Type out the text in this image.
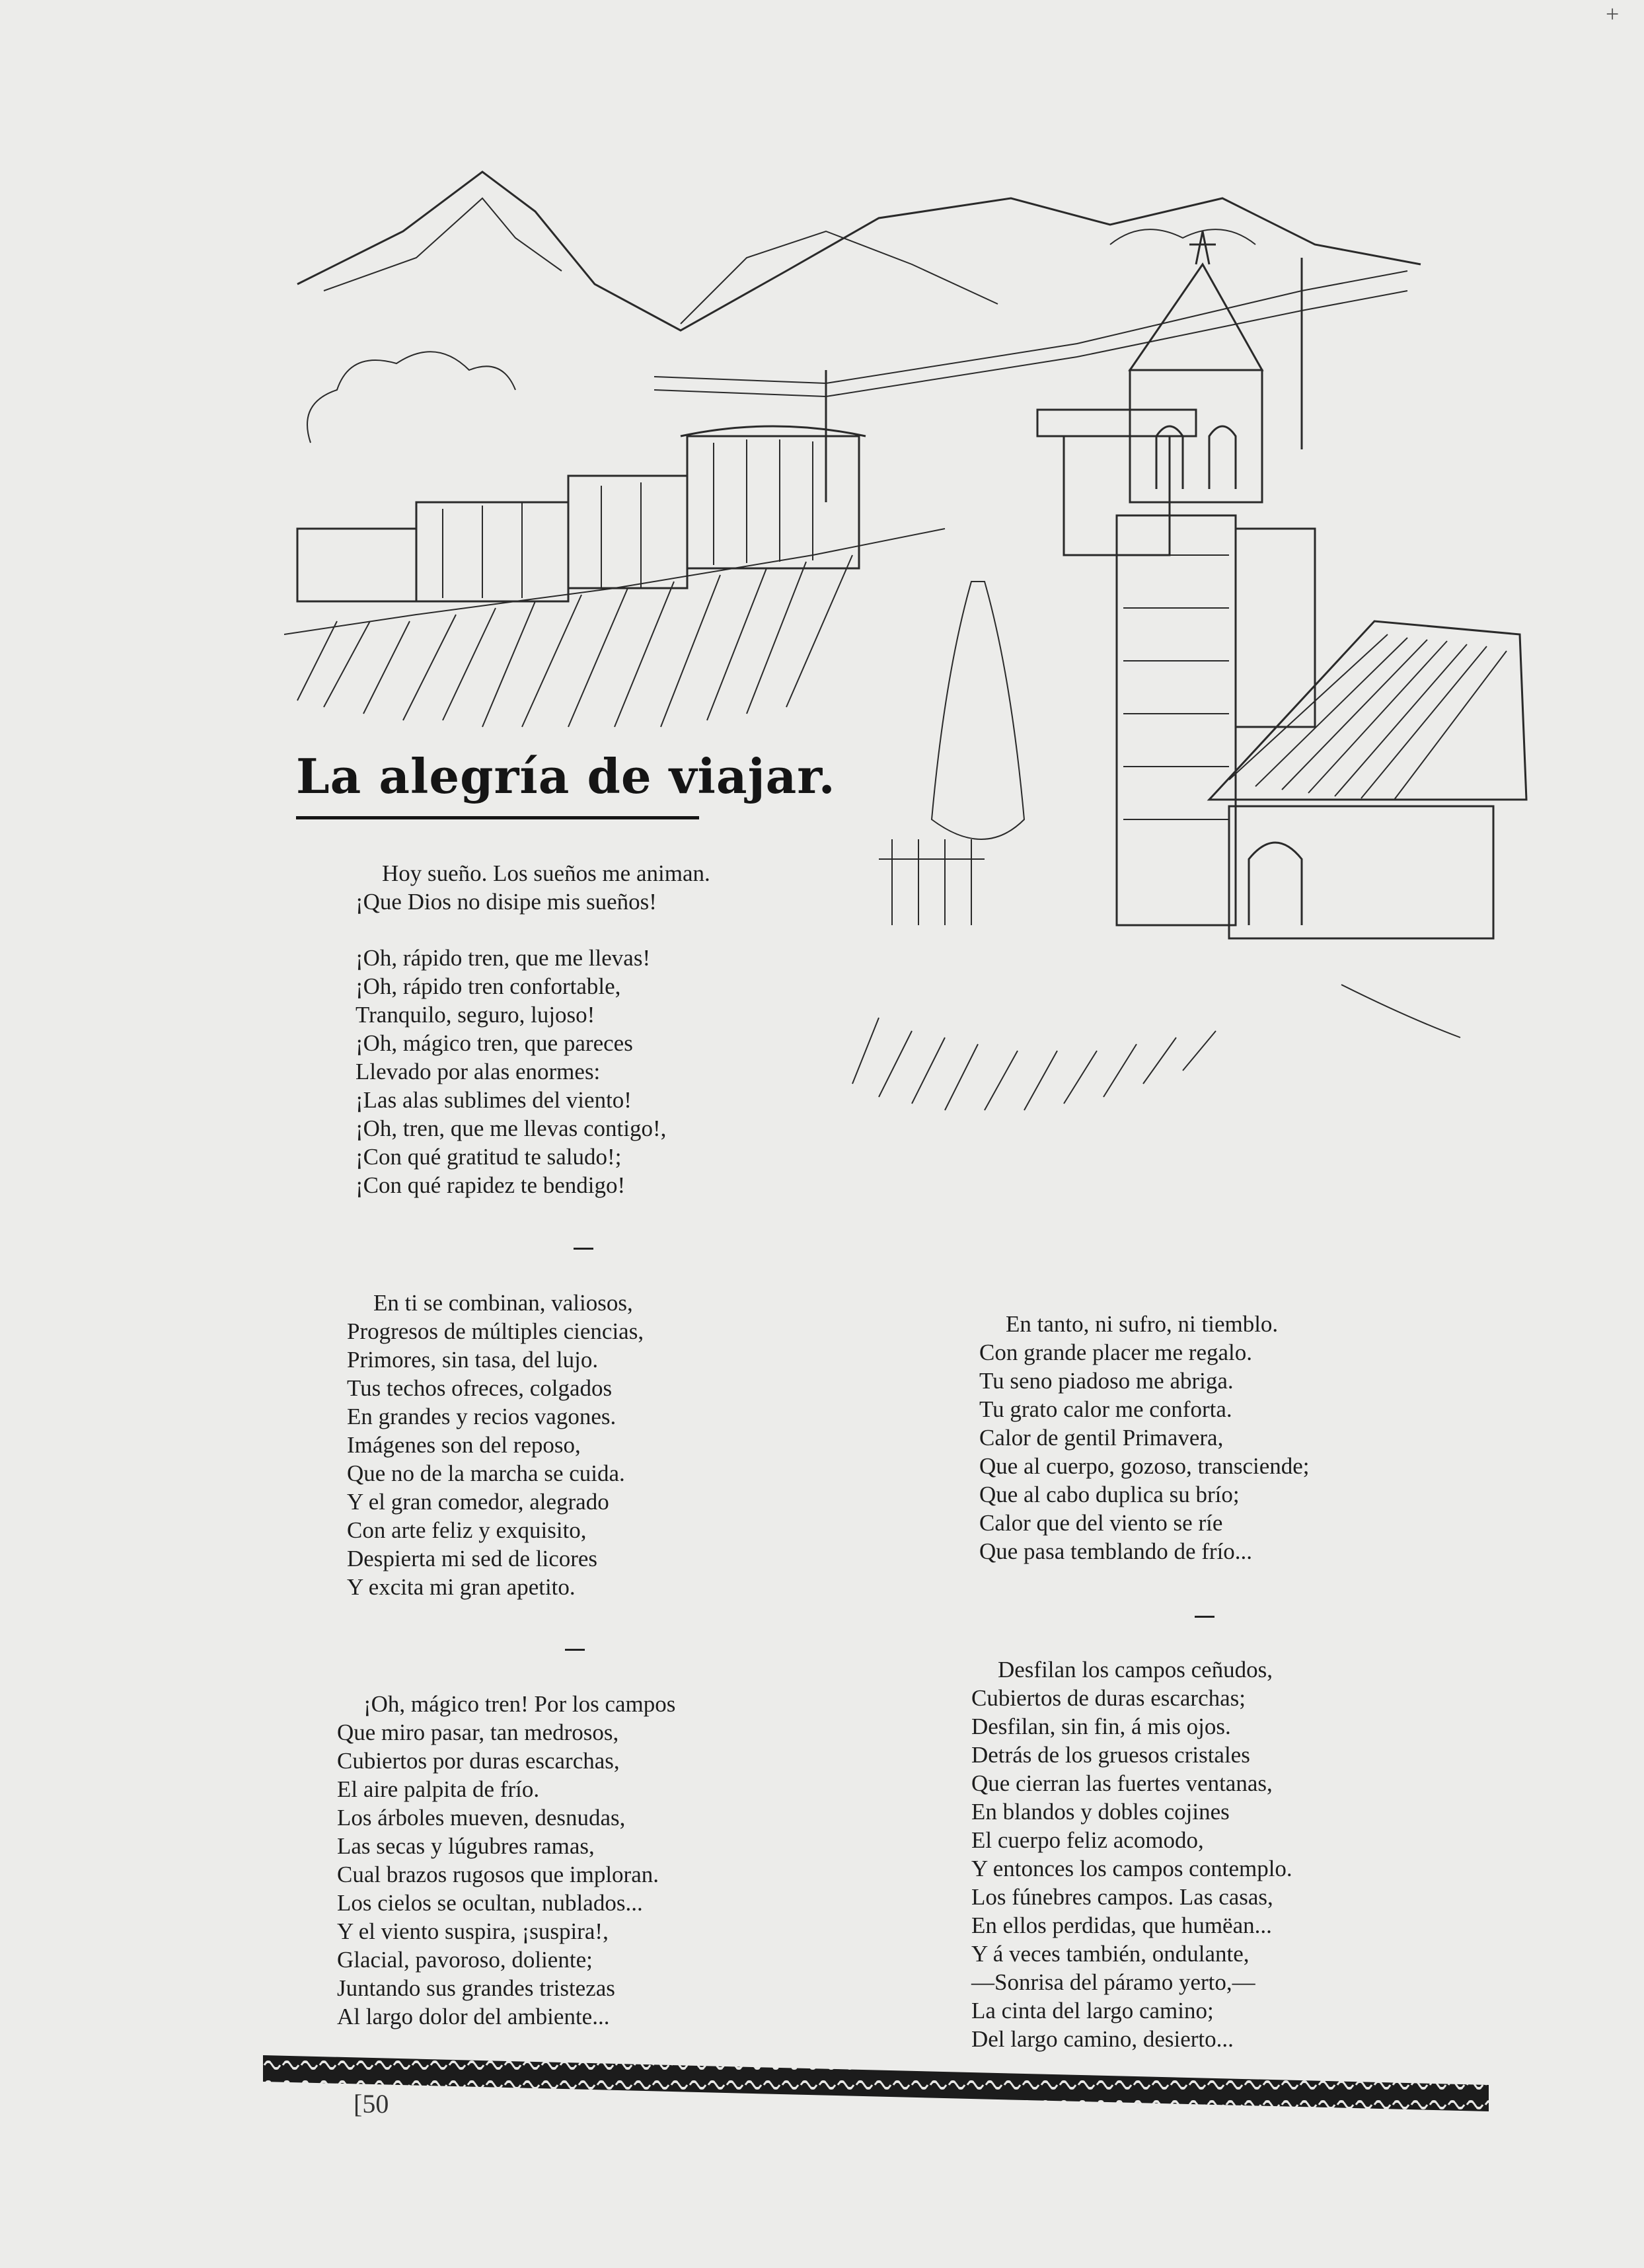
+
La alegría de viajar.
Hoy sueño. Los sueños me animan.
¡Que Dios no disipe mis sueños!
¡Oh, rápido tren, que me llevas!
¡Oh, rápido tren confortable,
Tranquilo, seguro, lujoso!
¡Oh, mágico tren, que pareces
Llevado por alas enormes:
¡Las alas sublimes del viento!
¡Oh, tren, que me llevas contigo!,
¡Con qué gratitud te saludo!;
¡Con qué rapidez te bendigo!
En ti se combinan, valiosos,
Progresos de múltiples ciencias,
Primores, sin tasa, del lujo.
Tus techos ofreces, colgados
En grandes y recios vagones.
Imágenes son del reposo,
Que no de la marcha se cuida.
Y el gran comedor, alegrado
Con arte feliz y exquisito,
Despierta mi sed de licores
Y excita mi gran apetito.
¡Oh, mágico tren! Por los campos
Que miro pasar, tan medrosos,
Cubiertos por duras escarchas,
El aire palpita de frío.
Los árboles mueven, desnudas,
Las secas y lúgubres ramas,
Cual brazos rugosos que imploran.
Los cielos se ocultan, nublados...
Y el viento suspira, ¡suspira!,
Glacial, pavoroso, doliente;
Juntando sus grandes tristezas
Al largo dolor del ambiente...
En tanto, ni sufro, ni tiemblo.
Con grande placer me regalo.
Tu seno piadoso me abriga.
Tu grato calor me conforta.
Calor de gentil Primavera,
Que al cuerpo, gozoso, transciende;
Que al cabo duplica su brío;
Calor que del viento se ríe
Que pasa temblando de frío...
Desfilan los campos ceñudos,
Cubiertos de duras escarchas;
Desfilan, sin fin, á mis ojos.
Detrás de los gruesos cristales
Que cierran las fuertes ventanas,
En blandos y dobles cojines
El cuerpo feliz acomodo,
Y entonces los campos contemplo.
Los fúnebres campos. Las casas,
En ellos perdidas, que humëan...
Y á veces también, ondulante,
—Sonrisa del páramo yerto,—
La cinta del largo camino;
Del largo camino, desierto...
[50
